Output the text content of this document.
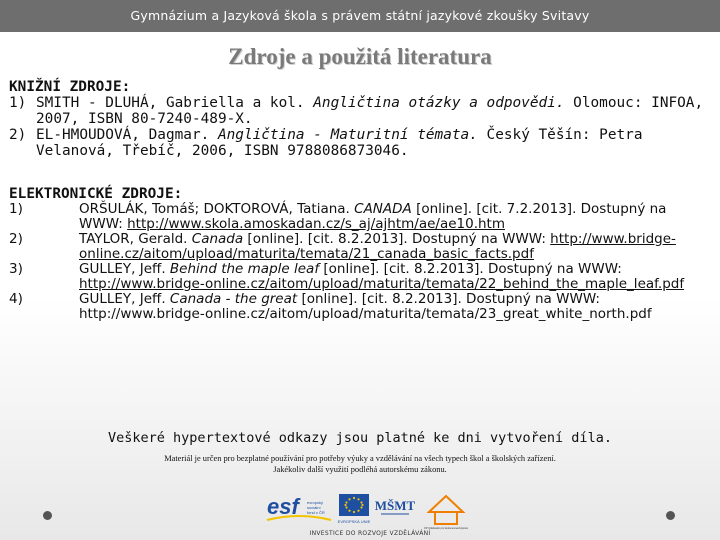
Gymnázium a Jazyková škola s právem státní jazykové zkoušky Svitavy
Zdroje a použitá literatura
KNIŽNÍ ZDROJE:
1) SMITH - DLUHÁ, Gabriella a kol. Angličtina otázky a odpovědi. Olomouc: INFOA, 2007, ISBN 80-7240-489-X.
2) EL-HMOUDOVÁ, Dagmar. Angličtina - Maturitní témata. Český Těšín: Petra Velanová, Třebíč, 2006, ISBN 9788086873046.
ELEKTRONICKÉ ZDROJE:
1)	ORŠULÁK, Tomáš; DOKTOROVÁ, Tatiana. CANADA [online]. [cit. 7.2.2013]. Dostupný na WWW: http://www.skola.amoskadan.cz/s_aj/ajhtm/ae/ae10.htm
2)	TAYLOR, Gerald. Canada [online]. [cit. 8.2.2013]. Dostupný na WWW: http://www.bridge-online.cz/aitom/upload/maturita/temata/21_canada_basic_facts.pdf
3)	GULLEY, Jeff. Behind the maple leaf [online]. [cit. 8.2.2013]. Dostupný na WWW: http://www.bridge-online.cz/aitom/upload/maturita/temata/22_behind_the_maple_leaf.pdf
4)	GULLEY, Jeff. Canada - the great [online]. [cit. 8.2.2013]. Dostupný na WWW: http://www.bridge-online.cz/aitom/upload/maturita/temata/23_great_white_north.pdf
Veškeré hypertextové odkazy jsou platné ke dni vytvoření díla.
Materiál je určen pro bezplatné používání pro potřeby výuky a vzdělávání na všech typech škol a školských zařízení.
Jakékoliv další využití podléhá autorskému zákonu.
esf	evropský sociální fond v ČR
EVROPSKÁ UNIE
MŠMT
OP Vzdělávání pro konkurenceschopnost
INVESTICE DO ROZVOJE VZDĚLÁVÁNÍ
